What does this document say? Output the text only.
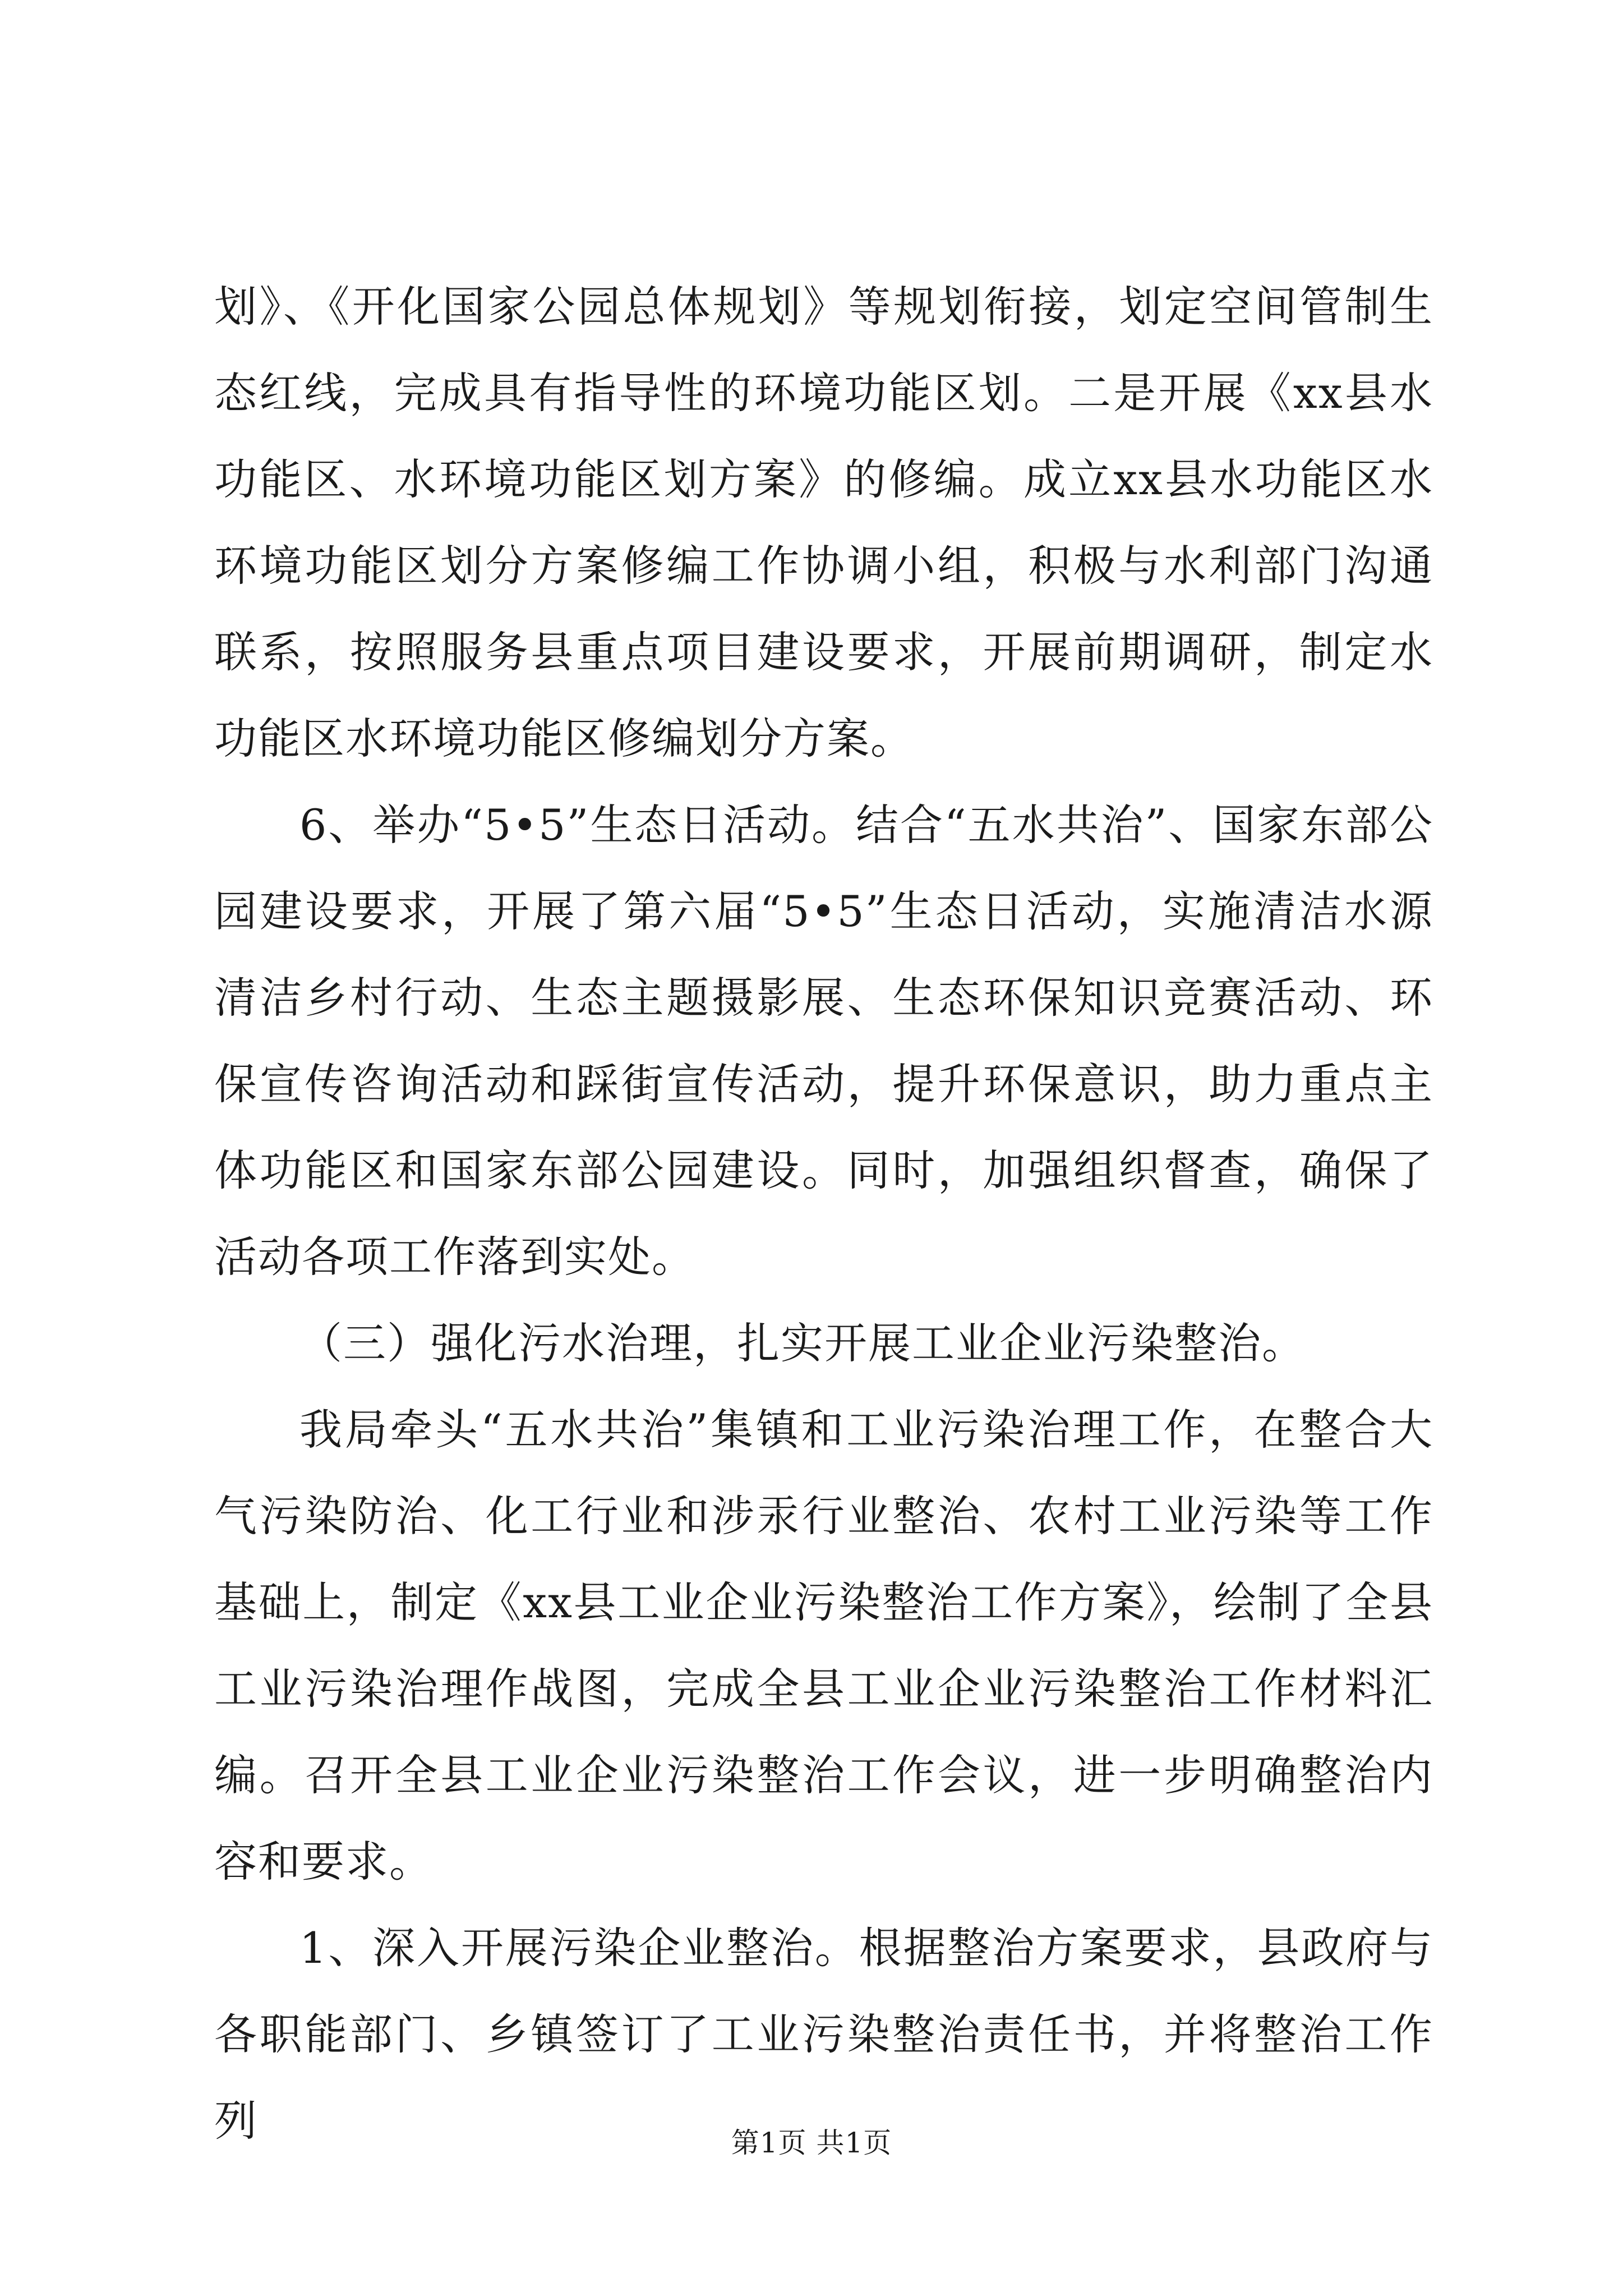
划》、《开化国家公园总体规划》等规划衔接，划定空间管制生态红线，完成具有指导性的环境功能区划。二是开展《xx县水功能区、水环境功能区划方案》的修编。成立xx县水功能区水环境功能区划分方案修编工作协调小组，积极与水利部门沟通联系，按照服务县重点项目建设要求，开展前期调研，制定水功能区水环境功能区修编划分方案。

6、举办“5•5”生态日活动。结合“五水共治”、国家东部公园建设要求，开展了第六届“5•5”生态日活动，实施清洁水源清洁乡村行动、生态主题摄影展、生态环保知识竞赛活动、环保宣传咨询活动和踩街宣传活动，提升环保意识，助力重点主体功能区和国家东部公园建设。同时，加强组织督查，确保了活动各项工作落到实处。

（三）强化污水治理，扎实开展工业企业污染整治。

我局牵头“五水共治”集镇和工业污染治理工作，在整合大气污染防治、化工行业和涉汞行业整治、农村工业污染等工作基础上，制定《xx县工业企业污染整治工作方案》，绘制了全县工业污染治理作战图，完成全县工业企业污染整治工作材料汇编。召开全县工业企业污染整治工作会议，进一步明确整治内容和要求。

1、深入开展污染企业整治。根据整治方案要求，县政府与各职能部门、乡镇签订了工业污染整治责任书，并将整治工作列	第1页 共1页
